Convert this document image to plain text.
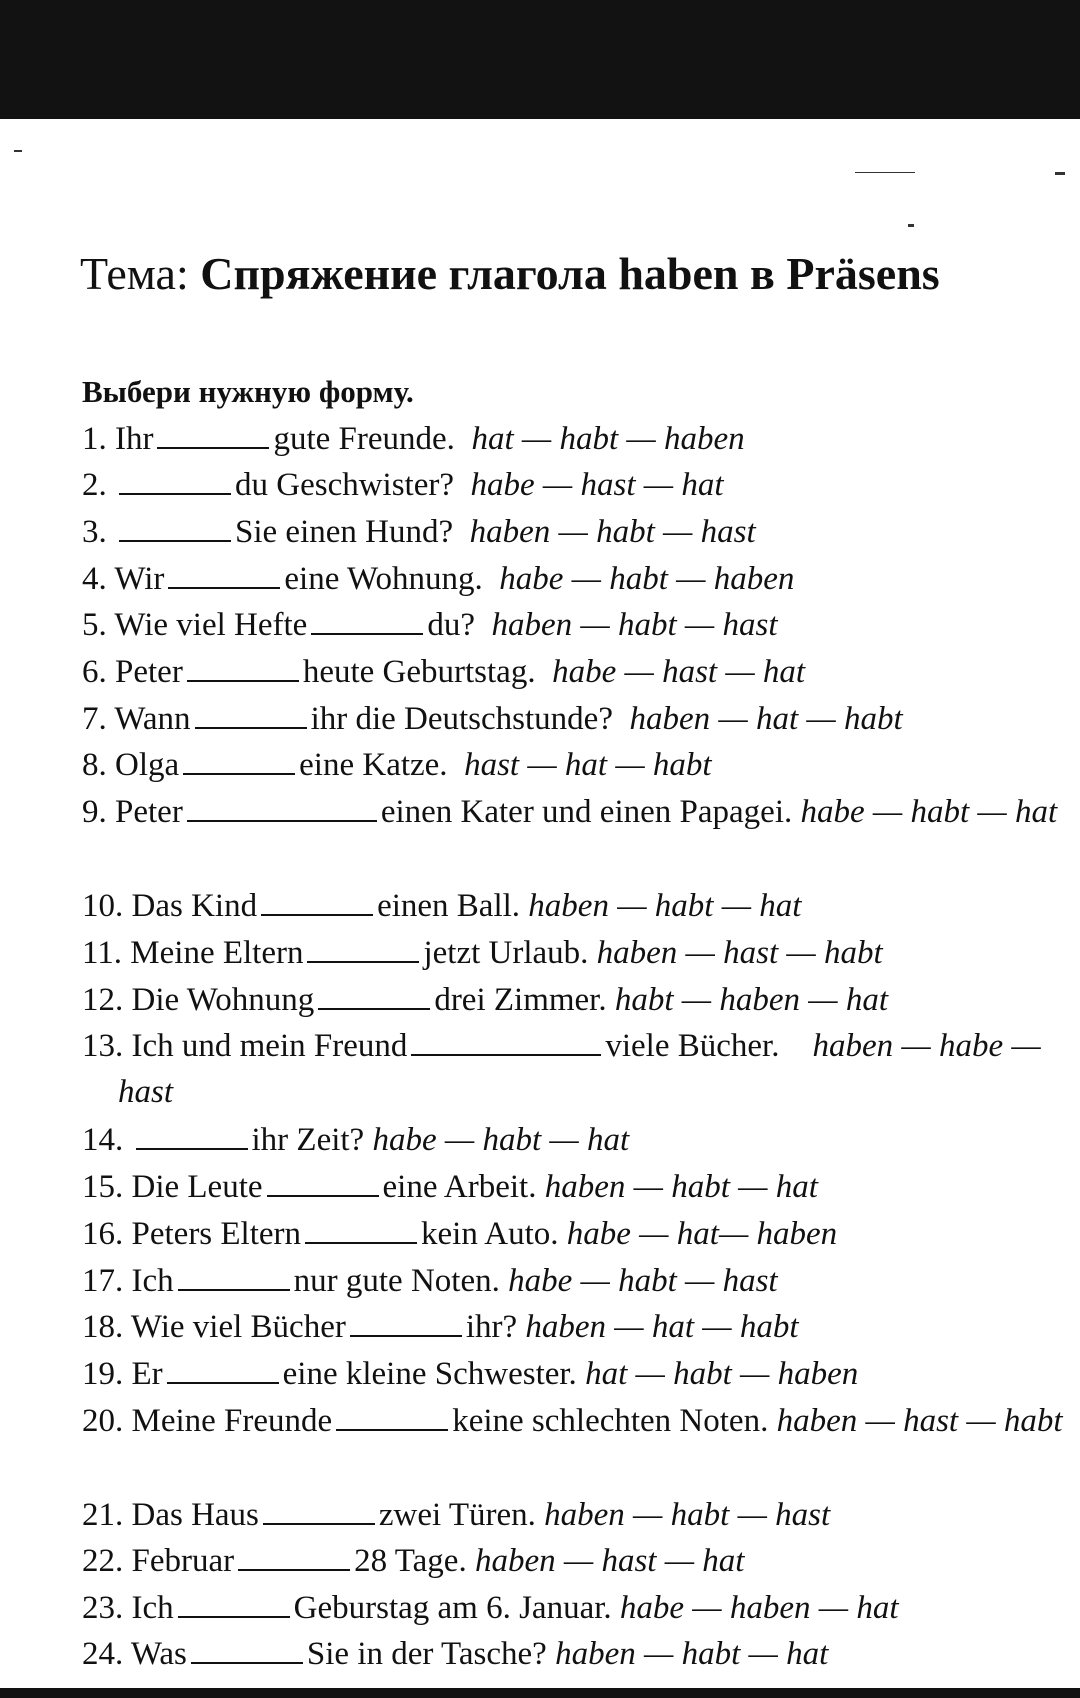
Тема: Спряжение глагола haben в Präsens
Выбери нужную форму.
1. Ihr	gute Freunde. hat — habt — haben
2.	du Geschwister? habe — hast — hat
3.	Sie einen Hund? haben — habt — hast
4. Wir	eine Wohnung. habe — habt — haben
5. Wie viel Hefte	du? haben — habt — hast
6. Peter	heute Geburtstag. habe — hast — hat
7. Wann	ihr die Deutschstunde? haben — hat — habt
8. Olga	eine Katze. hast — hat — habt
9. Peter	einen Kater und einen Papagei. habe — habt — hat
10. Das Kind	einen Ball. haben — habt — hat
11. Meine Eltern	jetzt Urlaub. haben — hast — habt
12. Die Wohnung	drei Zimmer. habt — haben — hat
13. Ich und mein Freund	viele Bücher. haben — habe — hast
14.	ihr Zeit? habe — habt — hat
15. Die Leute	eine Arbeit. haben — habt — hat
16. Peters Eltern	kein Auto. habe — hat— haben
17. Ich	nur gute Noten. habe — habt — hast
18. Wie viel Bücher	ihr? haben — hat — habt
19. Er	eine kleine Schwester. hat — habt — haben
20. Meine Freunde	keine schlechten Noten. haben — hast — habt
21. Das Haus	zwei Türen. haben — habt — hast
22. Februar	28 Tage. haben — hast — hat
23. Ich	Geburstag am 6. Januar. habe — haben — hat
24. Was	Sie in der Tasche? haben — habt — hat
